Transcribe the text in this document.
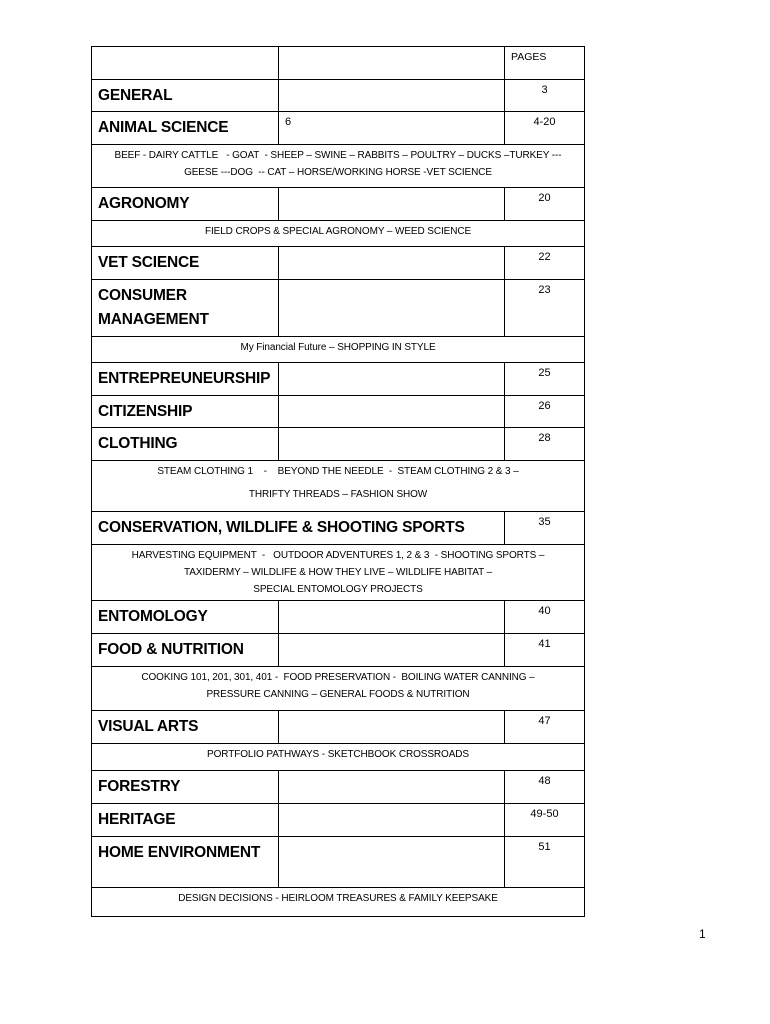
		PAGES
GENERAL		3
ANIMAL SCIENCE	6	4-20

BEEF - DAIRY CATTLE   - GOAT  - SHEEP – SWINE – RABBITS – POULTRY – DUCKS –TURKEY ---
GEESE ---DOG  -- CAT – HORSE/WORKING HORSE -VET SCIENCE		

AGRONOMY		20

FIELD CROPS & SPECIAL AGRONOMY – WEED SCIENCE		

VET SCIENCE		22
CONSUMER
MANAGEMENT		23

My Financial Future – SHOPPING IN STYLE		

ENTREPREUNEURSHIP		25
CITIZENSHIP		26
CLOTHING		28

STEAM CLOTHING 1    -    BEYOND THE NEEDLE  -  STEAM CLOTHING 2 & 3 –
THRIFTY THREADS – FASHION SHOW		

CONSERVATION, WILDLIFE & SHOOTING SPORTS		35

HARVESTING EQUIPMENT  -   OUTDOOR ADVENTURES 1, 2 & 3  - SHOOTING SPORTS –
TAXIDERMY – WILDLIFE & HOW THEY LIVE – WILDLIFE HABITAT –
SPECIAL ENTOMOLOGY PROJECTS		

ENTOMOLOGY		40
FOOD & NUTRITION		41

COOKING 101, 201, 301, 401 -  FOOD PRESERVATION -  BOILING WATER CANNING –
PRESSURE CANNING – GENERAL FOODS & NUTRITION		

VISUAL ARTS		47

PORTFOLIO PATHWAYS - SKETCHBOOK CROSSROADS		

FORESTRY		48
HERITAGE		49-50
HOME ENVIRONMENT		51

DESIGN DECISIONS - HEIRLOOM TREASURES & FAMILY KEEPSAKE		
1
